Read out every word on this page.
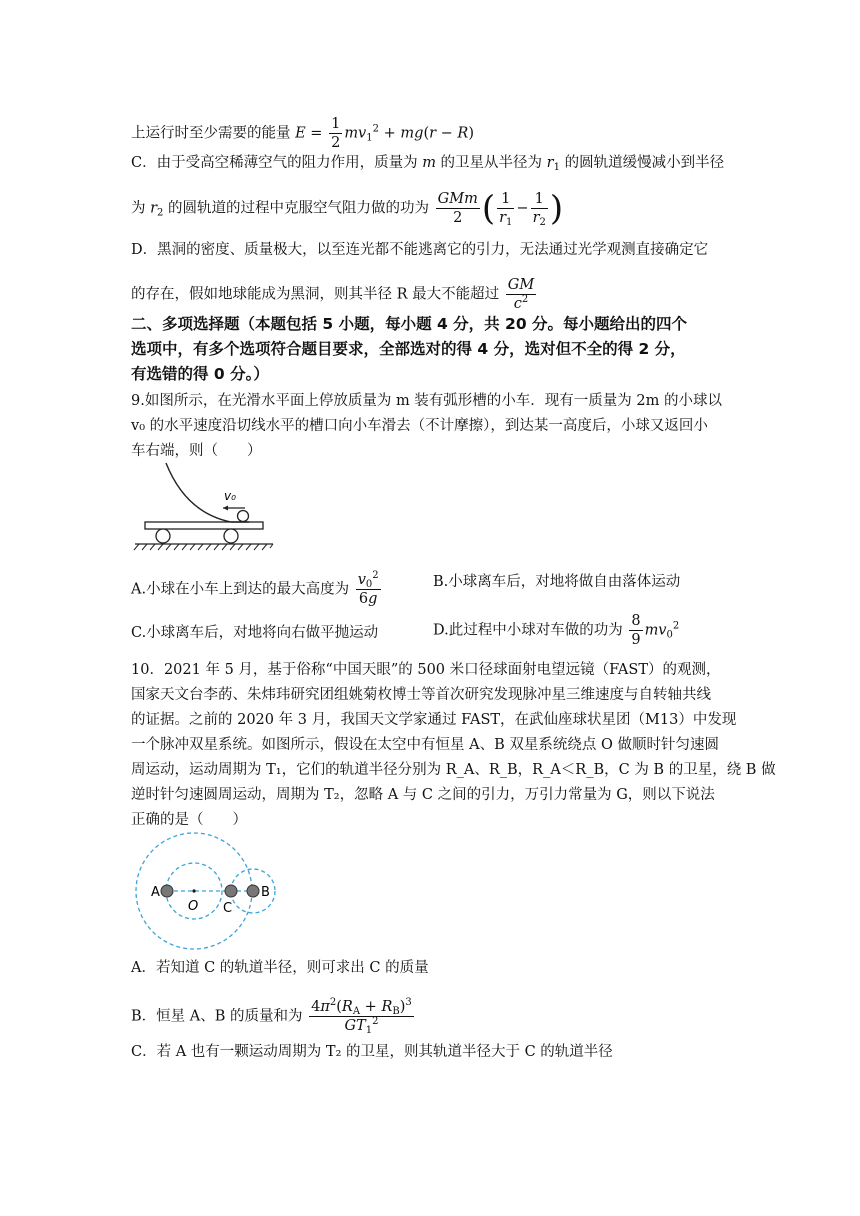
上运行时至少需要的能量 $E = \frac{1}{2} mv_1^2 + mg(r - R)$
C．由于受高空稀薄空气的阻力作用，质量为 m 的卫星从半径为 $r_1$ 的圆轨道缓慢减小到半径
为 $r_2$ 的圆轨道的过程中克服空气阻力做的功为 $\frac{\text{GMm}}{2}$ ( $\frac{1}{r_1} - \frac{1}{r_2}$ )
D．黑洞的密度、质量极大，以至连光都不能逃离它的引力，无法通过光学观测直接确定它
的存在，假如地球能成为黑洞，则其半径 R 最大不能超过 $\frac{GM}{c^2}$
二、多项选择题（本题包括 5 小题，每小题 4 分，共 20 分。每小题给出的四个
选项中，有多个选项符合题目要求，全部选对的得 4 分，选对但不全的得 2 分，
有选错的得 0 分。）
9.如图所示，在光滑水平面上停放质量为 m 装有弧形槽的小车．现有一质量为 2m 的小球以
v₀ 的水平速度沿切线水平的槽口向小车滑去（不计摩擦），到达某一高度后，小球又返回小
车右端，则（　　）
v₀
A.小球在小车上到达的最大高度为 $\frac{v_0^2}{6g}$	B.小球离车后，对地将做自由落体运动
C.小球离车后，对地将向右做平抛运动	D.此过程中小球对车做的功为 $\frac{8}{9} mv_0^2$
10．2021 年 5 月，基于俗称“中国天眼”的 500 米口径球面射电望远镜（FAST）的观测，
国家天文台李菂、朱炜玮研究团组姚菊枚博士等首次研究发现脉冲星三维速度与自转轴共线
的证据。之前的 2020 年 3 月，我国天文学家通过 FAST，在武仙座球状星团（M13）中发现
一个脉冲双星系统。如图所示，假设在太空中有恒星 A、B 双星系统绕点 O 做顺时针匀速圆
周运动，运动周期为 T₁，它们的轨道半径分别为 R_A、R_B，R_A＜R_B，C 为 B 的卫星，绕 B 做
逆时针匀速圆周运动，周期为 T₂，忽略 A 与 C 之间的引力，万引力常量为 G，则以下说法
正确的是（　　）
A
O C
B
A．若知道 C 的轨道半径，则可求出 C 的质量
B．恒星 A、B 的质量和为 $\frac{4\pi^2(R_A + R_B)^3}{GT_1^2}$
C．若 A 也有一颗运动周期为 T₂ 的卫星，则其轨道半径大于 C 的轨道半径
